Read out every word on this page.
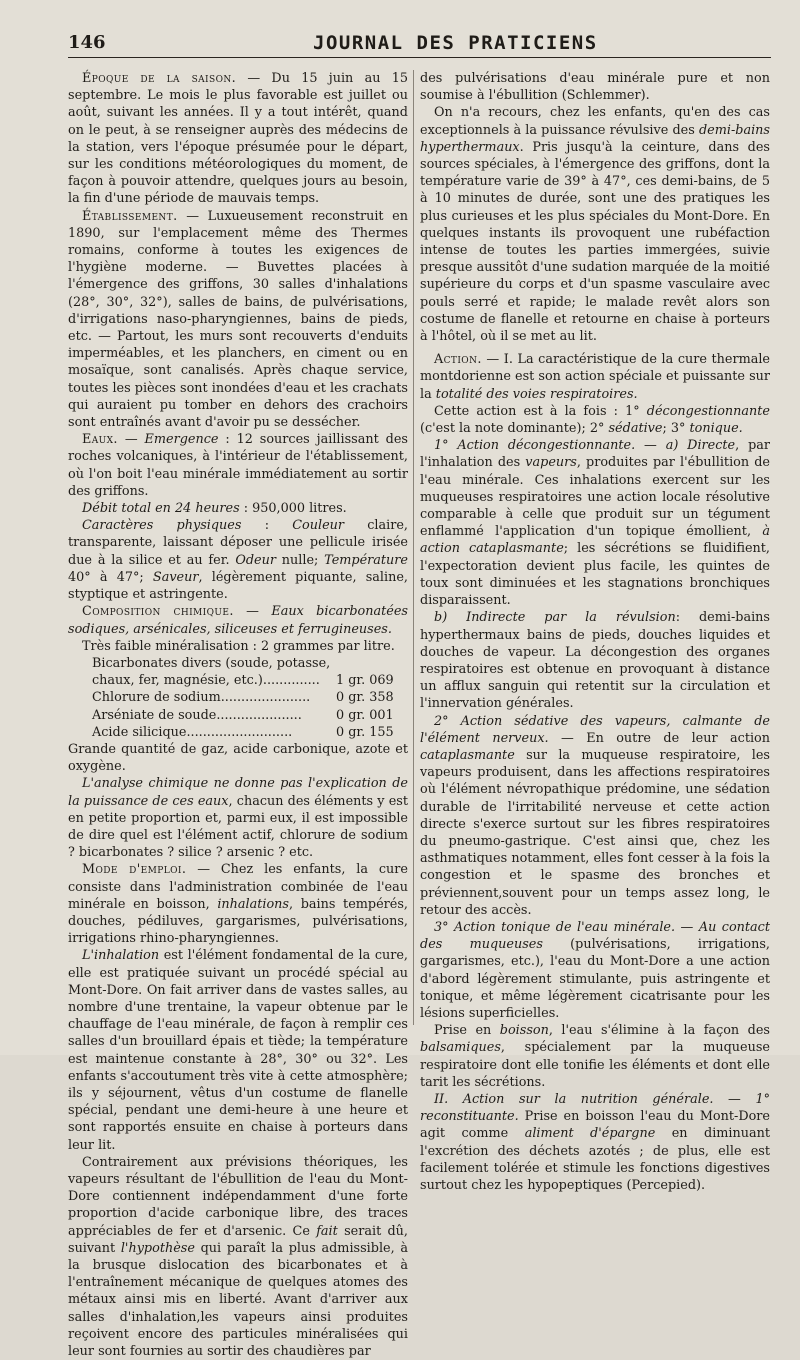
146	JOURNAL DES PRATICIENS

Époque de la saison. — Du 15 juin au 15 septembre. Le mois le plus favorable est juillet ou août, suivant les années. Il y a tout intérêt, quand on le peut, à se renseigner auprès des médecins de la station, vers l'époque présumée pour le départ, sur les conditions météorologiques du moment, de façon à pouvoir attendre, quelques jours au besoin, la fin d'une période de mauvais temps.

Établissement. — Luxueusement reconstruit en 1890, sur l'emplacement même des Thermes romains, conforme à toutes les exigences de l'hygiène moderne. — Buvettes placées à l'émergence des griffons, 30 salles d'inhalations (28°, 30°, 32°), salles de bains, de pulvérisations, d'irrigations naso-pharyngiennes, bains de pieds, etc. — Partout, les murs sont recouverts d'enduits imperméables, et les planchers, en ciment ou en mosaïque, sont canalisés. Après chaque service, toutes les pièces sont inondées d'eau et les crachats qui auraient pu tomber en dehors des crachoirs sont entraînés avant d'avoir pu se dessécher.

Eaux. — Emergence : 12 sources jaillissant des roches volcaniques, à l'intérieur de l'établissement, où l'on boit l'eau minérale immédiatement au sortir des griffons.

Débit total en 24 heures : 950,000 litres.

Caractères physiques : Couleur claire, transparente, laissant déposer une pellicule irisée due à la silice et au fer. Odeur nulle; Température 40° à 47°; Saveur, légèrement piquante, saline, styptique et astringente.

Composition chimique. — Eaux bicarbonatées sodiques, arsénicales, siliceuses et ferrugineuses.

Très faible minéralisation : 2 grammes par litre.

Bicarbonates divers (soude, potasse,
chaux, fer, magnésie, etc.).............. 1 gr. 069
Chlorure de sodium...................... 0 gr. 358
Arséniate de soude.....................	0 gr. 001
Acide silicique..........................	0 gr. 155

Grande quantité de gaz, acide carbonique, azote et oxygène.

L'analyse chimique ne donne pas l'explication de la puissance de ces eaux, chacun des éléments y est en petite proportion et, parmi eux, il est impossible de dire quel est l'élément actif, chlorure de sodium ? bicarbonates ? silice ? arsenic ? etc.

Mode d'emploi. — Chez les enfants, la cure consiste dans l'administration combinée de l'eau minérale en boisson, inhalations, bains tempérés, douches, pédiluves, gargarismes, pulvérisations, irrigations rhino-pharyngiennes.

L'inhalation est l'élément fondamental de la cure, elle est pratiquée suivant un procédé spécial au Mont-Dore. On fait arriver dans de vastes salles, au nombre d'une trentaine, la vapeur obtenue par le chauffage de l'eau minérale, de façon à remplir ces salles d'un brouillard épais et tiède; la température est maintenue constante à 28°, 30° ou 32°. Les enfants s'accoutument très vite à cette atmosphère; ils y séjournent, vêtus d'un costume de flanelle spécial, pendant une demi-heure à une heure et sont rapportés ensuite en chaise à porteurs dans leur lit.

Contrairement aux prévisions théoriques, les vapeurs résultant de l'ébullition de l'eau du Mont-Dore contiennent indépendamment d'une forte proportion d'acide carbonique libre, des traces appréciables de fer et d'arsenic. Ce fait serait dû, suivant l'hypothèse qui paraît la plus admissible, à la brusque dislocation des bicarbonates et à l'entraînement mécanique de quelques atomes des métaux ainsi mis en liberté. Avant d'arriver aux salles d'inhalation,les vapeurs ainsi produites reçoivent encore des particules minéralisées qui leur sont fournies au sortir des chaudières par

des pulvérisations d'eau minérale pure et non soumise à l'ébullition (Schlemmer).

On n'a recours, chez les enfants, qu'en des cas exceptionnels à la puissance révulsive des demi-bains hyperthermaux. Pris jusqu'à la ceinture, dans des sources spéciales, à l'émergence des griffons, dont la température varie de 39° à 47°, ces demi-bains, de 5 à 10 minutes de durée, sont une des pratiques les plus curieuses et les plus spéciales du Mont-Dore. En quelques instants ils provoquent une rubéfaction intense de toutes les parties immergées, suivie presque aussitôt d'une sudation marquée de la moitié supérieure du corps et d'un spasme vasculaire avec pouls serré et rapide; le malade revêt alors son costume de flanelle et retourne en chaise à porteurs à l'hôtel, où il se met au lit.

Action. — I. La caractéristique de la cure thermale montdorienne est son action spéciale et puissante sur la totalité des voies respiratoires.

Cette action est à la fois : 1° décongestionnante (c'est la note dominante); 2° sédative; 3° tonique.

1° Action décongestionnante. — a) Directe, par l'inhalation des vapeurs, produites par l'ébullition de l'eau minérale. Ces inhalations exercent sur les muqueuses respiratoires une action locale résolutive comparable à celle que produit sur un tégument enflammé l'application d'un topique émollient, à action cataplasmante; les sécrétions se fluidifient, l'expectoration devient plus facile, les quintes de toux sont diminuées et les stagnations bronchiques disparaissent.

b) Indirecte par la révulsion: demi-bains hyperthermaux bains de pieds, douches liquides et douches de vapeur. La décongestion des organes respiratoires est obtenue en provoquant à distance un afflux sanguin qui retentit sur la circulation et l'innervation générales.

2° Action sédative des vapeurs, calmante de l'élément nerveux. — En outre de leur action cataplasmante sur la muqueuse respiratoire, les vapeurs produisent, dans les affections respiratoires où l'élément névropathique prédomine, une sédation durable de l'irritabilité nerveuse et cette action directe s'exerce surtout sur les fibres respiratoires du pneumo-gastrique. C'est ainsi que, chez les asthmatiques notamment, elles font cesser à la fois la congestion et le spasme des bronches et préviennent,souvent pour un temps assez long, le retour des accès.

3° Action tonique de l'eau minérale. — Au contact des muqueuses (pulvérisations, irrigations, gargarismes, etc.), l'eau du Mont-Dore a une action d'abord légèrement stimulante, puis astringente et tonique, et même légèrement cicatrisante pour les lésions superficielles.

Prise en boisson, l'eau s'élimine à la façon des balsamiques, spécialement par la muqueuse respiratoire dont elle tonifie les éléments et dont elle tarit les sécrétions.

II. Action sur la nutrition générale. — 1° reconstituante. Prise en boisson l'eau du Mont-Dore agit comme aliment d'épargne en diminuant l'excrétion des déchets azotés ; de plus, elle est facilement tolérée et stimule les fonctions digestives surtout chez les hypopeptiques (Percepied).
